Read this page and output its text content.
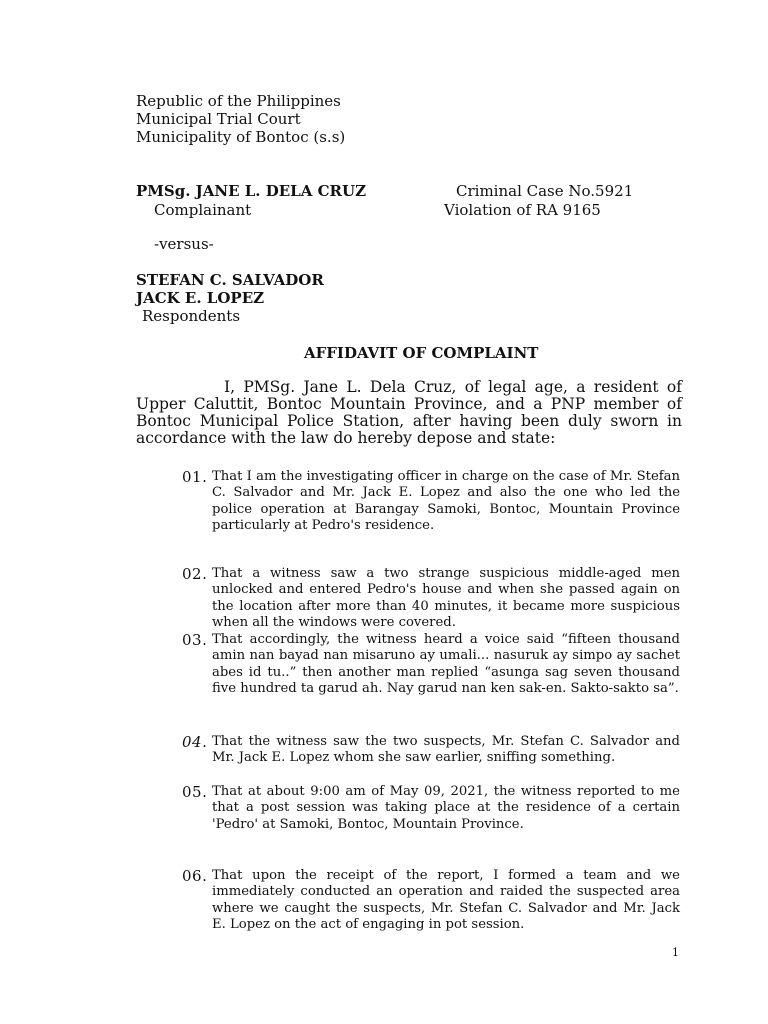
Republic of the Philippines
Municipal Trial Court
Municipality of Bontoc (s.s)
PMSg. JANE L. DELA CRUZ
Complainant
Criminal Case No.5921
Violation of RA 9165
-versus-
STEFAN C. SALVADOR
JACK E. LOPEZ
Respondents
AFFIDAVIT OF COMPLAINT
I, PMSg. Jane L. Dela Cruz, of legal age, a resident of Upper Caluttit, Bontoc Mountain Province, and a PNP member of Bontoc Municipal Police Station, after having been duly sworn in accordance with the law do hereby depose and state:
01. That I am the investigating officer in charge on the case of Mr. Stefan C. Salvador and Mr. Jack E. Lopez and also the one who led the police operation at Barangay Samoki, Bontoc, Mountain Province particularly at Pedro's residence.
02. That a witness saw a two strange suspicious middle-aged men unlocked and entered Pedro's house and when she passed again on the location after more than 40 minutes, it became more suspicious when all the windows were covered.
03. That accordingly, the witness heard a voice said “fifteen thousand amin nan bayad nan misaruno ay umali... nasuruk ay simpo ay sachet abes id tu..” then another man replied “asunga sag seven thousand five hundred ta garud ah. Nay garud nan ken sak-en. Sakto-sakto sa”.
04. That the witness saw the two suspects, Mr. Stefan C. Salvador and Mr. Jack E. Lopez whom she saw earlier, sniffing something.
05. That at about 9:00 am of May 09, 2021, the witness reported to me that a post session was taking place at the residence of a certain 'Pedro' at Samoki, Bontoc, Mountain Province.
06. That upon the receipt of the report, I formed a team and we immediately conducted an operation and raided the suspected area where we caught the suspects, Mr. Stefan C. Salvador and Mr. Jack E. Lopez on the act of engaging in pot session.
1
